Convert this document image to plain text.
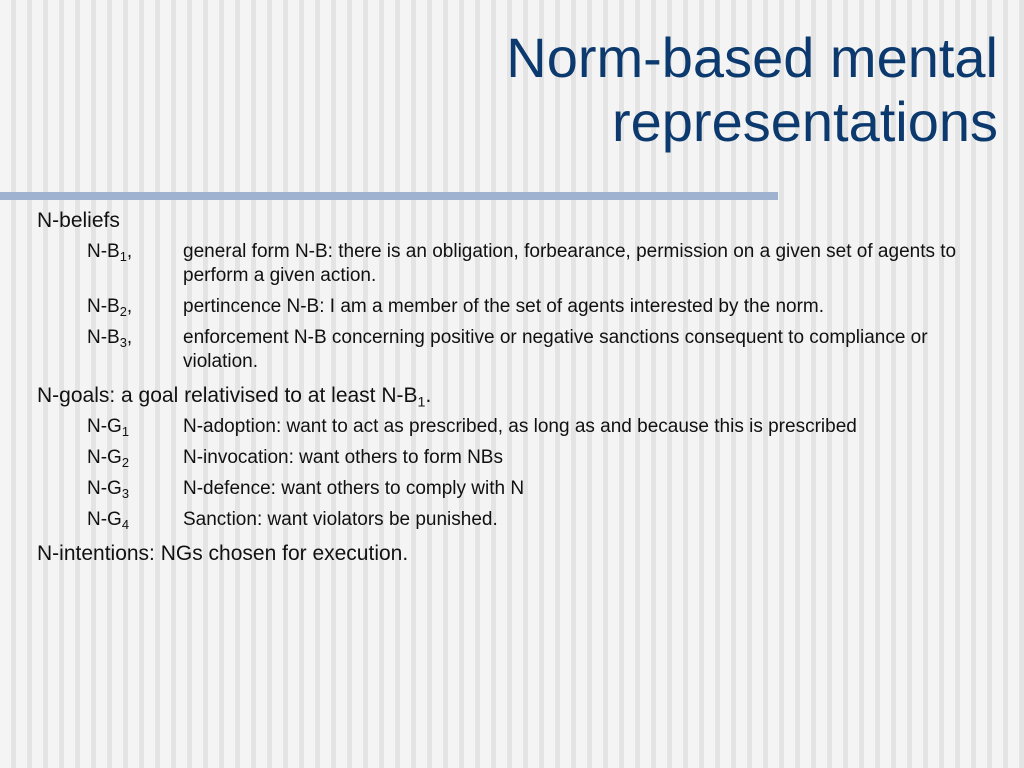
Norm-based mental
representations
N-beliefs
$N-B_1$,	general form N-B: there is an obligation, forbearance, permission on a given set of agents to perform a given action.
$N-B_2$,	pertincence N-B: I am a member of the set of agents interested by the norm.
$N-B_3$,	enforcement N-B concerning positive or negative sanctions consequent to compliance or violation.
N-goals: a goal relativised to at least $N-B_1$.
$N-G_1$	N-adoption: want to act as prescribed, as long as and because this is prescribed
$N-G_2$	N-invocation: want others to form NBs
$N-G_3$	N-defence: want others to comply with N
$N-G_4$	Sanction: want violators be punished.
N-intentions: NGs chosen for execution.
